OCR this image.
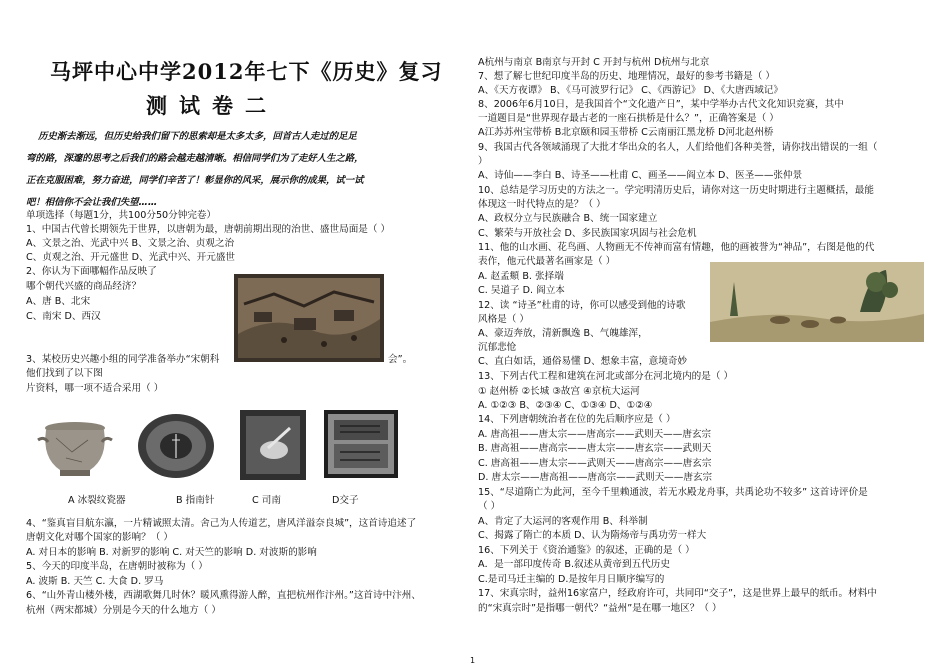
马坪中心中学2012年七下《历史》复习
测试卷二
历史渐去渐远，但历史给我们留下的思索却是太多太多，回首古人走过的足足
弯的路，深邃的思考之后我们的路会越走越清晰。相信同学们为了走好人生之路，
正在克服困难，努力奋进，同学们辛苦了！彰显你的风采，展示你的成果，试一试
吧！相信你不会让我们失望……
单项选择（每题1分，共100分50分钟完卷）
1、中国古代曾长期领先于世界，以唐朝为最，唐朝前期出现的治世、盛世局面是（ ）
A、文景之治、光武中兴 B、文景之治、贞观之治
C、贞观之治、开元盛世 D、光武中兴、开元盛世
2、你认为下面哪幅作品反映了
哪个朝代兴盛的商品经济？
A、唐 B、北宋
C、南宋 D、西汉
3、某校历史兴趣小组的同学准备举办“宋朝科	会”。
他们找到了以下图
片资料，哪一项不适合采用（ ）
A 冰裂纹瓷器	B 指南针	C 司南	D交子
4、“鉴真盲目航东瀛，一片精诚照太清。舍己为人传道艺，唐风洋溢奈良城”，这首诗追述了
唐朝文化对哪个国家的影响？（ ）
A. 对日本的影响 B. 对新罗的影响 C. 对天竺的影响 D. 对波斯的影响
5、今天的印度半岛，在唐朝时被称为（ ）
A. 波斯 B. 天竺 C. 大食 D. 罗马
6、“山外青山楼外楼，西湖歌舞几时休？暖风熏得游人醉，直把杭州作汴州。”这首诗中汴州、
杭州（两宋都城）分别是今天的什么地方（ ）
A杭州与南京 B南京与开封 C 开封与杭州 D杭州与北京
7、想了解七世纪印度半岛的历史、地理情况，最好的参考书籍是（ ）
A、《天方夜谭》 B、《马可波罗行记》 C、《西游记》 D、《大唐西域记》
8、2006年6月10日，是我国首个“文化遗产日”，某中学举办古代文化知识竞赛，其中
一道题目是“世界现存最古老的一座石拱桥是什么？”，正确答案是（ ）
A江苏苏州宝带桥 B北京颐和园玉带桥 C云南丽江黑龙桥 D河北赵州桥
9、我国古代各领域涌现了大批才华出众的名人，人们给他们各种美誉，请你找出错误的一组（
）
A、诗仙——李白 B、诗圣——杜甫 C、画圣——阎立本 D、医圣——张仲景
10、总结是学习历史的方法之一。学完明清历史后，请你对这一历史时期进行主题概括，最能
体现这一时代特点的是？（ ）
A、政权分立与民族融合 B、统一国家建立
C、繁荣与开放社会 D、多民族国家巩固与社会危机
11、他的山水画、花鸟画、人物画无不传神而富有情趣，他的画被誉为“神品”，右图是他的代
表作，他元代最著名画家是（ ）
A. 赵孟頫 B. 张择端
C. 吴道子 D. 阎立本
12、读 “诗圣”杜甫的诗，你可以感受到他的诗歌
风格是（ ）
A、豪迈奔放，清新飘逸 B、气魄雄浑，
沉郁悲怆
C、直白如话，通俗易懂 D、想象丰富，意境奇妙
13、下列古代工程和建筑在河北或部分在河北境内的是（ ）
① 赵州桥 ②长城 ③故宫 ④京杭大运河
A. ①②③ B、②③④ C、①③④ D、①②④
14、下列唐朝统治者在位的先后顺序应是（ ）
A. 唐高祖——唐太宗——唐高宗——武则天——唐玄宗
B. 唐高祖——唐高宗——唐太宗——唐玄宗——武则天
C. 唐高祖——唐太宗——武则天——唐高宗——唐玄宗
D. 唐太宗——唐高祖——唐高宗——武则天——唐玄宗
15、“尽道隋亡为此河，至今千里赖通波，若无水殿龙舟事，共禹论功不较多” 这首诗评价是
（ ）
A、肯定了大运河的客观作用 B、科举制
C、揭露了隋亡的本质 D、认为隋炀帝与禹功劳一样大
16、下列关于《资治通鉴》的叙述，正确的是（ ）
A．是一部印度传奇 B.叙述从黄帝到五代历史
C.是司马迁主编的 D.是按年月日顺序编写的
17、宋真宗时，益州16家富户，经政府许可，共同印“交子”，这是世界上最早的纸币。材料中
的“宋真宗时”是指哪一朝代？“益州”是在哪一地区？（ ）
1
